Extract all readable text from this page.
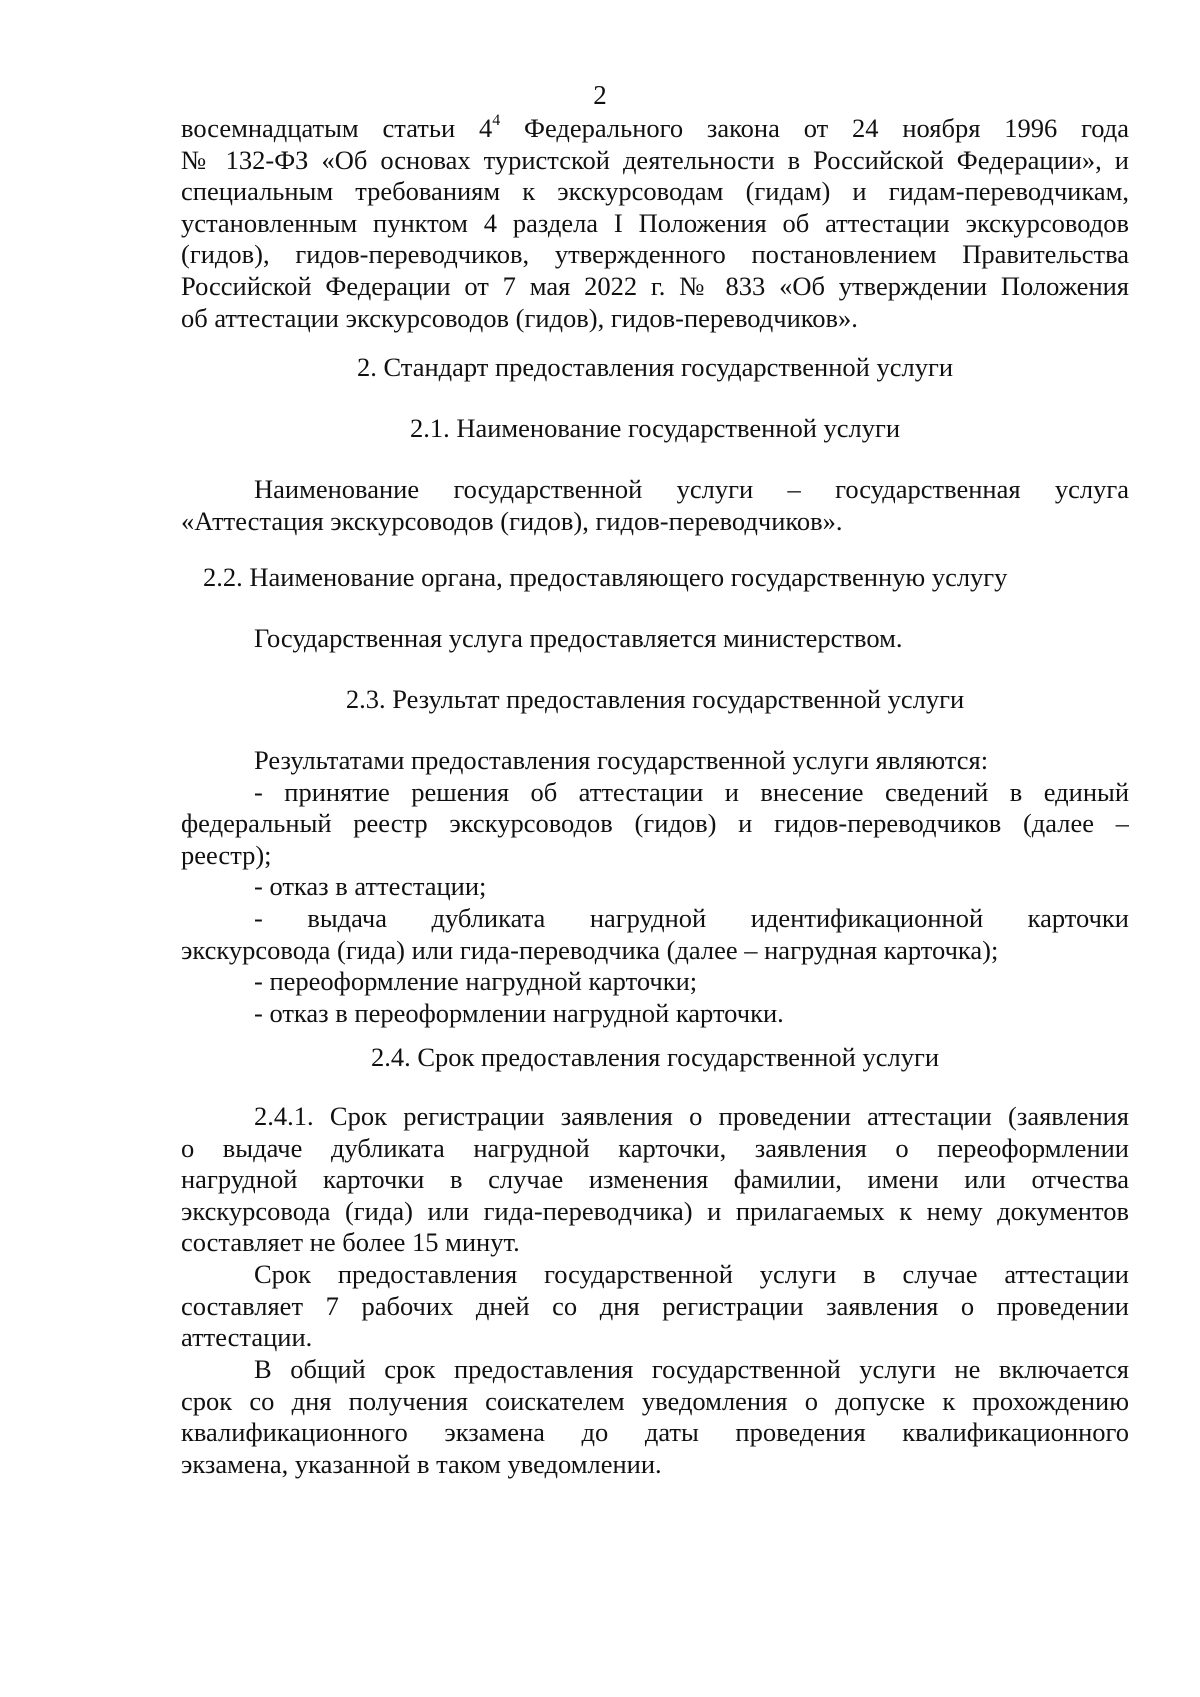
2
восемнадцатым статьи $4^4$ Федерального закона от 24 ноября 1996 года
№ 132-ФЗ «Об основах туристской деятельности в Российской Федерации», и
специальным требованиям к экскурсоводам (гидам) и гидам-переводчикам,
установленным пунктом 4 раздела I Положения об аттестации экскурсоводов
(гидов), гидов-переводчиков, утвержденного постановлением Правительства
Российской Федерации от 7 мая 2022 г. № 833 «Об утверждении Положения
об аттестации экскурсоводов (гидов), гидов-переводчиков».
2. Стандарт предоставления государственной услуги
2.1. Наименование государственной услуги
Наименование государственной услуги – государственная услуга
«Аттестация экскурсоводов (гидов), гидов-переводчиков».
2.2. Наименование органа, предоставляющего государственную услугу
Государственная услуга предоставляется министерством.
2.3. Результат предоставления государственной услуги
Результатами предоставления государственной услуги являются:
- принятие решения об аттестации и внесение сведений в единый
федеральный реестр экскурсоводов (гидов) и гидов-переводчиков (далее –
реестр);
- отказ в аттестации;
- выдача дубликата нагрудной идентификационной карточки
экскурсовода (гида) или гида-переводчика (далее – нагрудная карточка);
- переоформление нагрудной карточки;
- отказ в переоформлении нагрудной карточки.
2.4. Срок предоставления государственной услуги
2.4.1. Срок регистрации заявления о проведении аттестации (заявления
о выдаче дубликата нагрудной карточки, заявления о переоформлении
нагрудной карточки в случае изменения фамилии, имени или отчества
экскурсовода (гида) или гида-переводчика) и прилагаемых к нему документов
составляет не более 15 минут.
Срок предоставления государственной услуги в случае аттестации
составляет 7 рабочих дней со дня регистрации заявления о проведении
аттестации.
В общий срок предоставления государственной услуги не включается
срок со дня получения соискателем уведомления о допуске к прохождению
квалификационного экзамена до даты проведения квалификационного
экзамена, указанной в таком уведомлении.
